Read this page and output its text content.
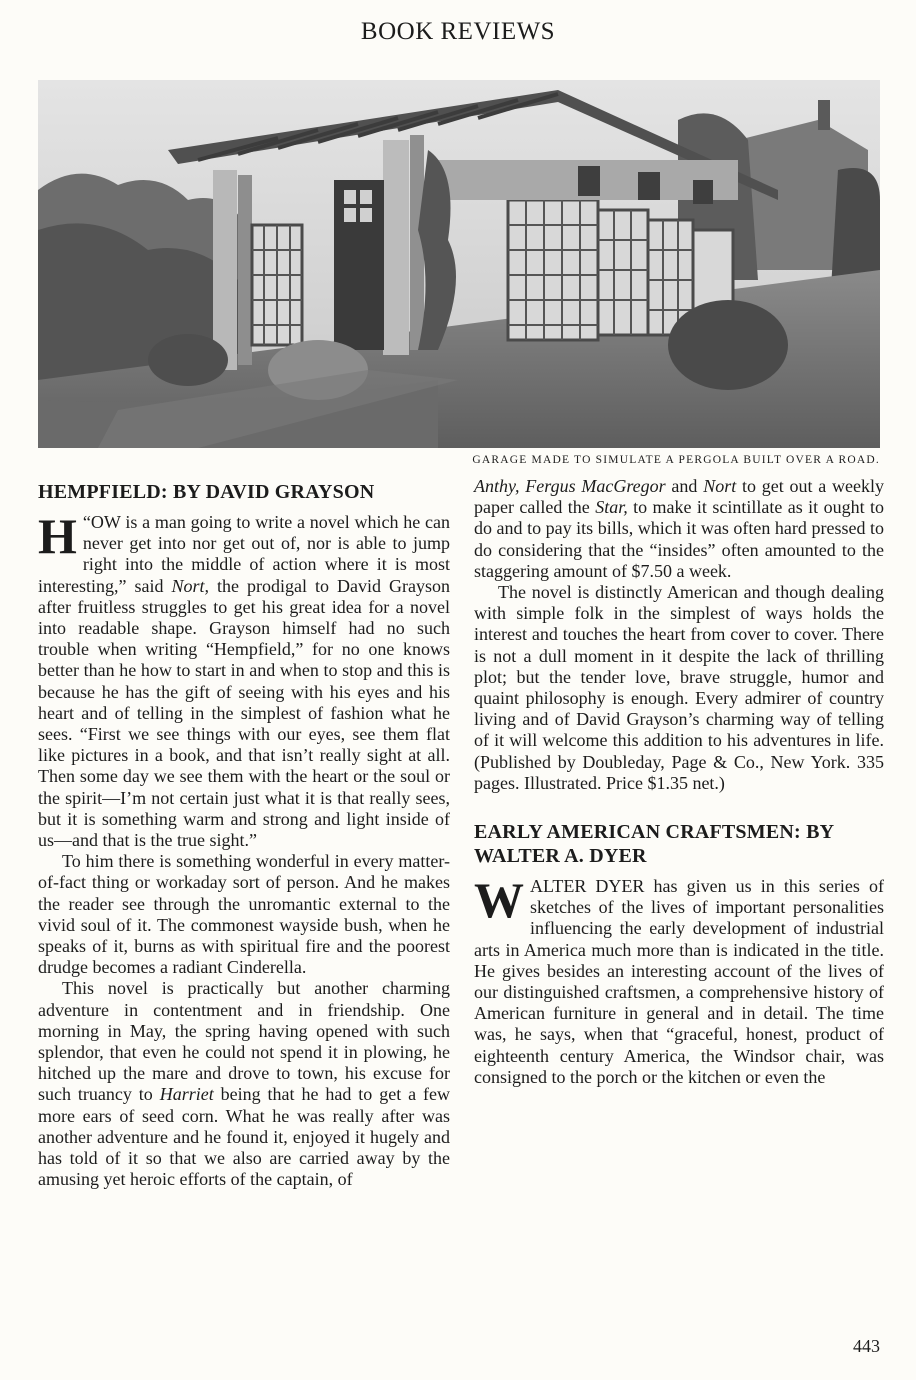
BOOK REVIEWS
GARAGE MADE TO SIMULATE A PERGOLA BUILT OVER A ROAD.
HEMPFIELD: BY DAVID GRAYSON

“
H OW is a man going to write a novel which he can never get into nor get out of, nor is able to jump right into the middle of action where it is most interesting,” said Nort, the prodigal to David Grayson after fruitless struggles to get his great idea for a novel into readable shape. Grayson himself had no such trouble when writing “Hempfield,” for no one knows better than he how to start in and when to stop and this is because he has the gift of seeing with his eyes and his heart and of telling in the simplest of fashion what he sees. “First we see things with our eyes, see them flat like pictures in a book, and that isn’t really sight at all. Then some day we see them with the heart or the soul or the spirit—I’m not certain just what it is that really sees, but it is something warm and strong and light inside of us—and that is the true sight.”

To him there is something wonderful in every matter-of-fact thing or workaday sort of person. And he makes the reader see through the unromantic external to the vivid soul of it. The commonest wayside bush, when he speaks of it, burns as with spiritual fire and the poorest drudge becomes a radiant Cinderella.

This novel is practically but another charming adventure in contentment and in friendship. One morning in May, the spring having opened with such splendor, that even he could not spend it in plowing, he hitched up the mare and drove to town, his excuse for such truancy to Harriet being that he had to get a few more ears of seed corn. What he was really after was another adventure and he found it, enjoyed it hugely and has told of it so that we also are carried away by the amusing yet heroic efforts of the captain, of

Anthy, Fergus MacGregor and Nort to get out a weekly paper called the Star, to make it scintillate as it ought to do and to pay its bills, which it was often hard pressed to do considering that the “insides” often amounted to the staggering amount of $7.50 a week.

The novel is distinctly American and though dealing with simple folk in the simplest of ways holds the interest and touches the heart from cover to cover. There is not a dull moment in it despite the lack of thrilling plot; but the tender love, brave struggle, humor and quaint philosophy is enough. Every admirer of country living and of David Grayson’s charming way of telling of it will welcome this addition to his adventures in life. (Published by Doubleday, Page & Co., New York. 335 pages. Illustrated. Price $1.35 net.)

EARLY AMERICAN CRAFTSMEN: BY WALTER A. DYER

WALTER DYER has given us in this series of sketches of the lives of important personalities influencing the early development of industrial arts in America much more than is indicated in the title. He gives besides an interesting account of the lives of our distinguished craftsmen, a comprehensive history of American furniture in general and in detail. The time was, he says, when that “graceful, honest, product of eighteenth century America, the Windsor chair, was consigned to the porch or the kitchen or even the

443
